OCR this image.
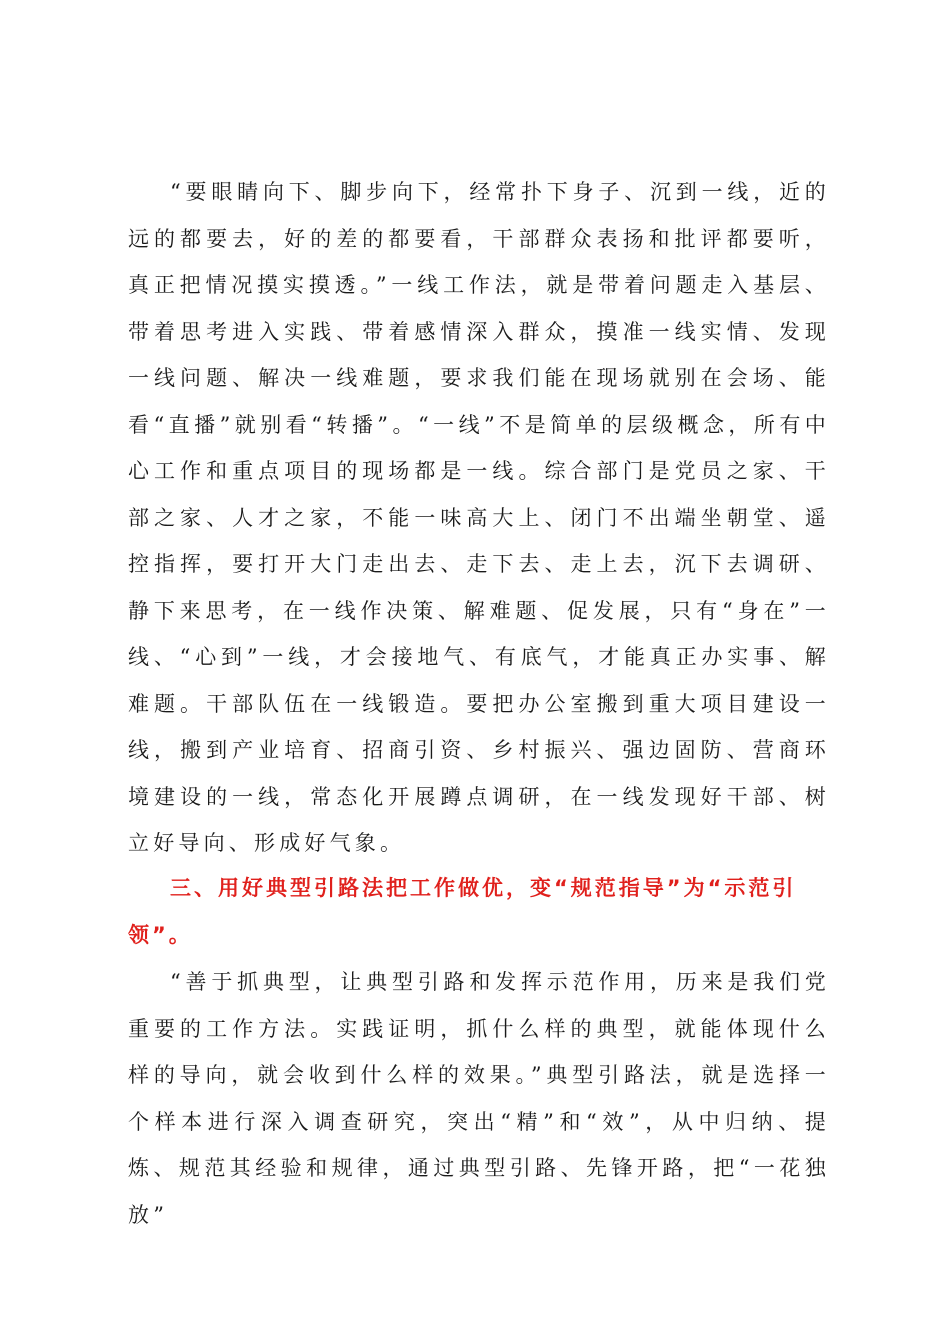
“要眼睛向下、脚步向下，经常扑下身子、沉到一线，近的远的都要去，好的差的都要看，干部群众表扬和批评都要听，真正把情况摸实摸透。”一线工作法，就是带着问题走入基层、带着思考进入实践、带着感情深入群众，摸准一线实情、发现一线问题、解决一线难题，要求我们能在现场就别在会场、能看“直播”就别看“转播”。“一线”不是简单的层级概念，所有中心工作和重点项目的现场都是一线。综合部门是党员之家、干部之家、人才之家，不能一味高大上、闭门不出端坐朝堂、遥控指挥，要打开大门走出去、走下去、走上去，沉下去调研、静下来思考，在一线作决策、解难题、促发展，只有“身在”一线、“心到”一线，才会接地气、有底气，才能真正办实事、解难题。干部队伍在一线锻造。要把办公室搬到重大项目建设一线，搬到产业培育、招商引资、乡村振兴、强边固防、营商环境建设的一线，常态化开展蹲点调研，在一线发现好干部、树立好导向、形成好气象。

三、用好典型引路法把工作做优，变“规范指导”为“示范引领”。

“善于抓典型，让典型引路和发挥示范作用，历来是我们党重要的工作方法。实践证明，抓什么样的典型，就能体现什么样的导向，就会收到什么样的效果。”典型引路法，就是选择一个样本进行深入调查研究，突出“精”和“效”，从中归纳、提炼、规范其经验和规律，通过典型引路、先锋开路，把“一花独放”
